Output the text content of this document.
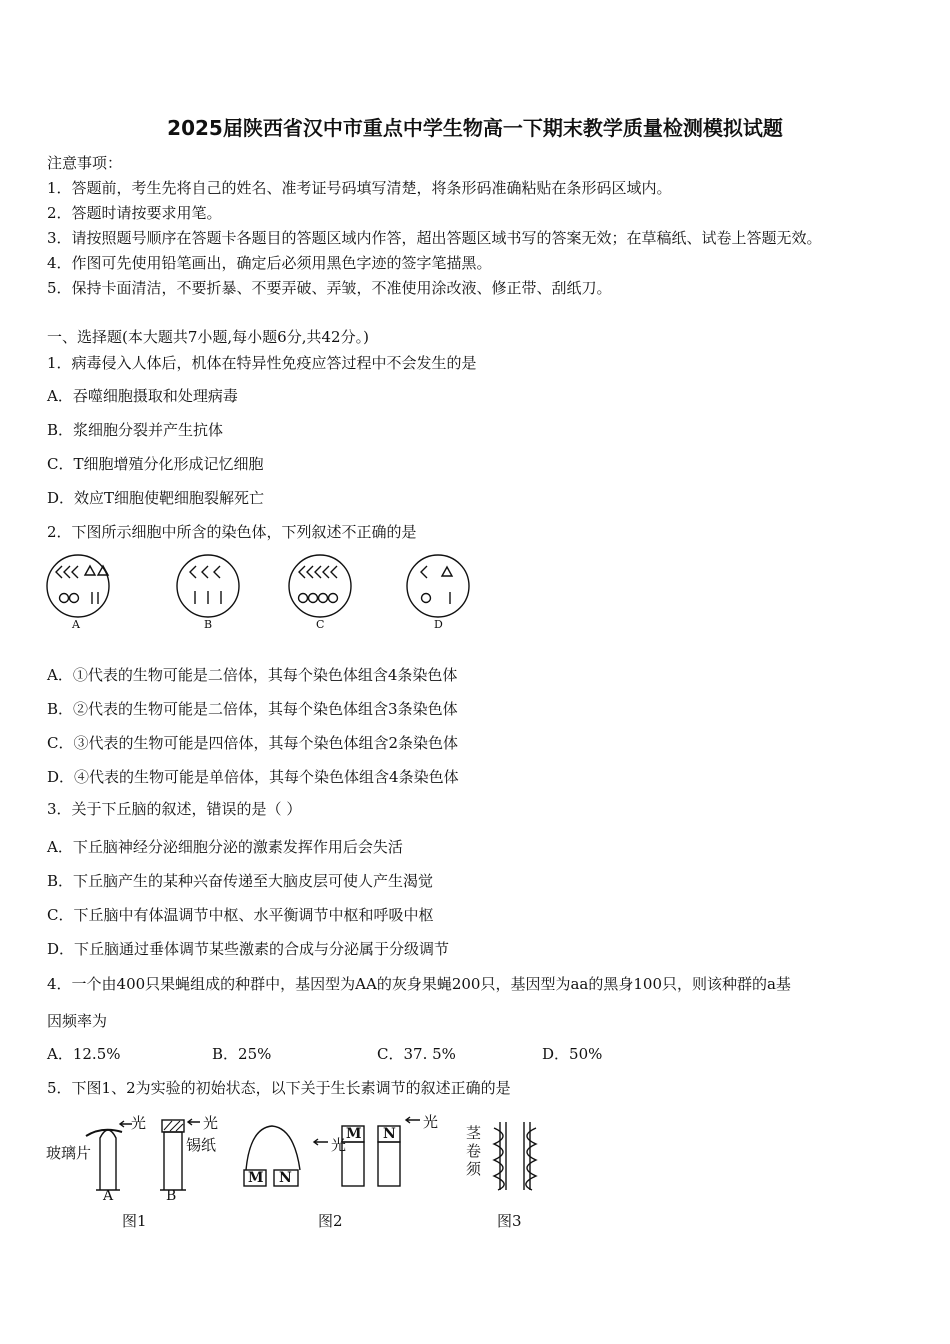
2025届陕西省汉中市重点中学生物高一下期末教学质量检测模拟试题
注意事项：
1．答题前，考生先将自己的姓名、准考证号码填写清楚，将条形码准确粘贴在条形码区域内。
2．答题时请按要求用笔。
3．请按照题号顺序在答题卡各题目的答题区域内作答，超出答题区域书写的答案无效；在草稿纸、试卷上答题无效。
4．作图可先使用铅笔画出，确定后必须用黑色字迹的签字笔描黑。
5．保持卡面清洁，不要折暴、不要弄破、弄皱，不准使用涂改液、修正带、刮纸刀。
一、选择题(本大题共7小题,每小题6分,共42分。)
1．病毒侵入人体后，机体在特异性免疫应答过程中不会发生的是
A．吞噬细胞摄取和处理病毒
B．浆细胞分裂并产生抗体
C．T细胞增殖分化形成记忆细胞
D．效应T细胞使靶细胞裂解死亡
2．下图所示细胞中所含的染色体，下列叙述不正确的是
A	B	C	D
A．①代表的生物可能是二倍体，其每个染色体组含4条染色体
B．②代表的生物可能是二倍体，其每个染色体组含3条染色体
C．③代表的生物可能是四倍体，其每个染色体组含2条染色体
D．④代表的生物可能是单倍体，其每个染色体组含4条染色体
3．关于下丘脑的叙述，错误的是（ ）
A．下丘脑神经分泌细胞分泌的激素发挥作用后会失活
B．下丘脑产生的某种兴奋传递至大脑皮层可使人产生渴觉
C．下丘脑中有体温调节中枢、水平衡调节中枢和呼吸中枢
D．下丘脑通过垂体调节某些激素的合成与分泌属于分级调节
4．一个由400只果蝇组成的种群中，基因型为AA的灰身果蝇200只，基因型为aa的黑身100只，则该种群的a基
因频率为
A．12.5%	B．25%	C．37. 5%	D．50%
5．下图1、2为实验的初始状态，以下关于生长素调节的叙述正确的是
玻璃片
光	光
锡纸
A	B
图1
M N
M N
光
光
图2
茎卷须
图3
